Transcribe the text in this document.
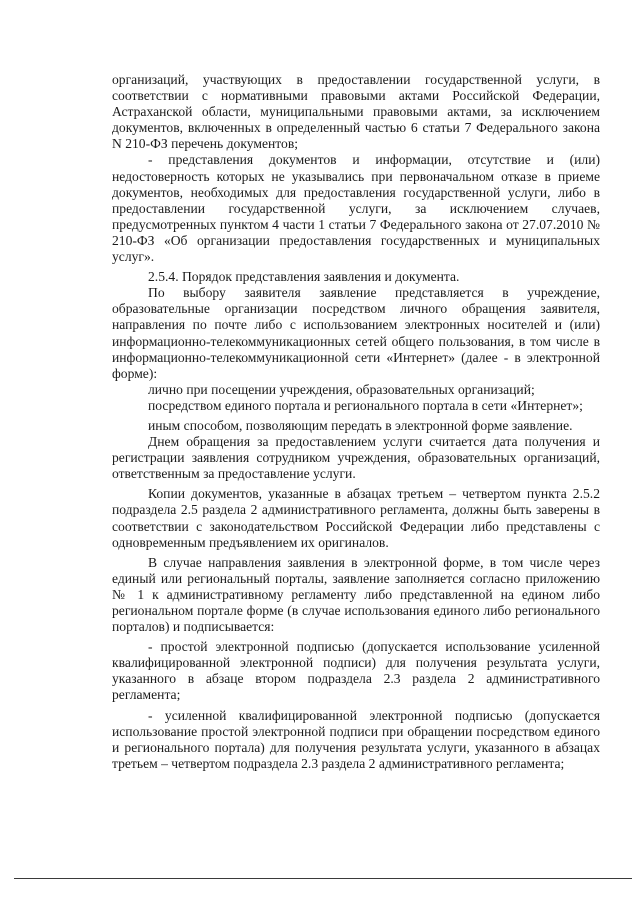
организаций, участвующих в предоставлении государственной услуги, в соответствии с нормативными правовыми актами Российской Федерации, Астраханской области, муниципальными правовыми актами, за исключением документов, включенных в определенный частью 6 статьи 7 Федерального закона N 210-ФЗ перечень документов;

- представления документов и информации, отсутствие и (или) недостоверность которых не указывались при первоначальном отказе в приеме документов, необходимых для предоставления государственной услуги, либо в предоставлении государственной услуги, за исключением случаев, предусмотренных пунктом 4 части 1 статьи 7 Федерального закона от 27.07.2010 № 210-ФЗ «Об организации предоставления государственных и муниципальных услуг».

2.5.4. Порядок представления заявления и документа.

По выбору заявителя заявление представляется в учреждение, образовательные организации посредством личного обращения заявителя, направления по почте либо с использованием электронных носителей и (или) информационно-телекоммуникационных сетей общего пользования, в том числе в информационно-телекоммуникационной сети «Интернет» (далее - в электронной форме):

лично при посещении учреждения, образовательных организаций;

посредством единого портала и регионального портала в сети «Интернет»;

иным способом, позволяющим передать в электронной форме заявление.

Днем обращения за предоставлением услуги считается дата получения и регистрации заявления сотрудником учреждения, образовательных организаций, ответственным за предоставление услуги.

Копии документов, указанные в абзацах третьем – четвертом пункта 2.5.2 подраздела 2.5 раздела 2 административного регламента, должны быть заверены в соответствии с законодательством Российской Федерации либо представлены с одновременным предъявлением их оригиналов.

В случае направления заявления в электронной форме, в том числе через единый или региональный порталы, заявление заполняется согласно приложению № 1 к административному регламенту либо представленной на едином либо региональном портале форме (в случае использования единого либо регионального порталов) и подписывается:

- простой электронной подписью (допускается использование усиленной квалифицированной электронной подписи) для получения результата услуги, указанного в абзаце втором подраздела 2.3 раздела 2 административного регламента;

- усиленной квалифицированной электронной подписью (допускается использование простой электронной подписи при обращении посредством единого и регионального портала) для получения результата услуги, указанного в абзацах третьем – четвертом подраздела 2.3 раздела 2 административного регламента;
